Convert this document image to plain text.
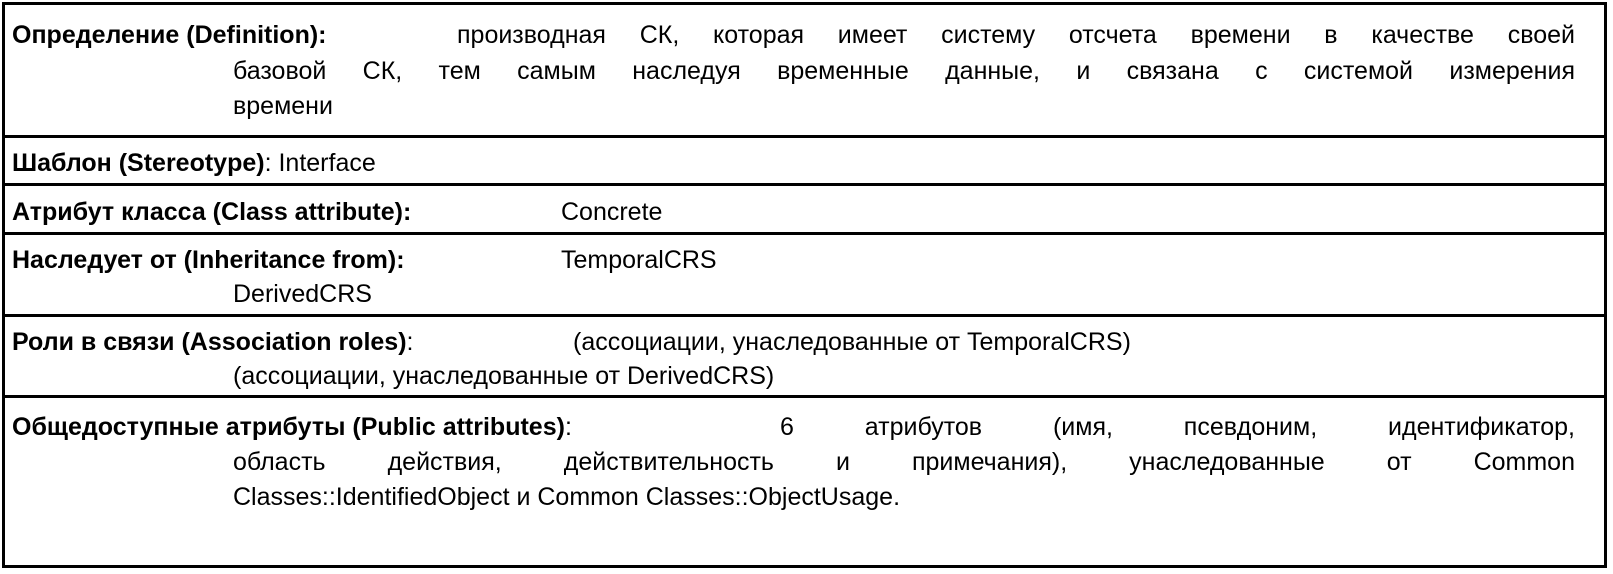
Определение (Definition):	производная СК, которая имеет систему отсчета времени в качестве своей
базовой СК, тем самым наследуя временные данные, и связана с системой измерения
времени
Шаблон (Stereotype): Interface
Атрибут класса (Class attribute):	Concrete
Наследует от (Inheritance from):	TemporalCRS
DerivedCRS
Роли в связи (Association roles):	(ассоциации, унаследованные от TemporalCRS)
(ассоциации, унаследованные от DerivedCRS)
Общедоступные атрибуты (Public attributes):	6 атрибутов (имя, псевдоним, идентификатор,
область действия, действительность и примечания), унаследованные от Common
Classes::IdentifiedObject и Common Classes::ObjectUsage.
